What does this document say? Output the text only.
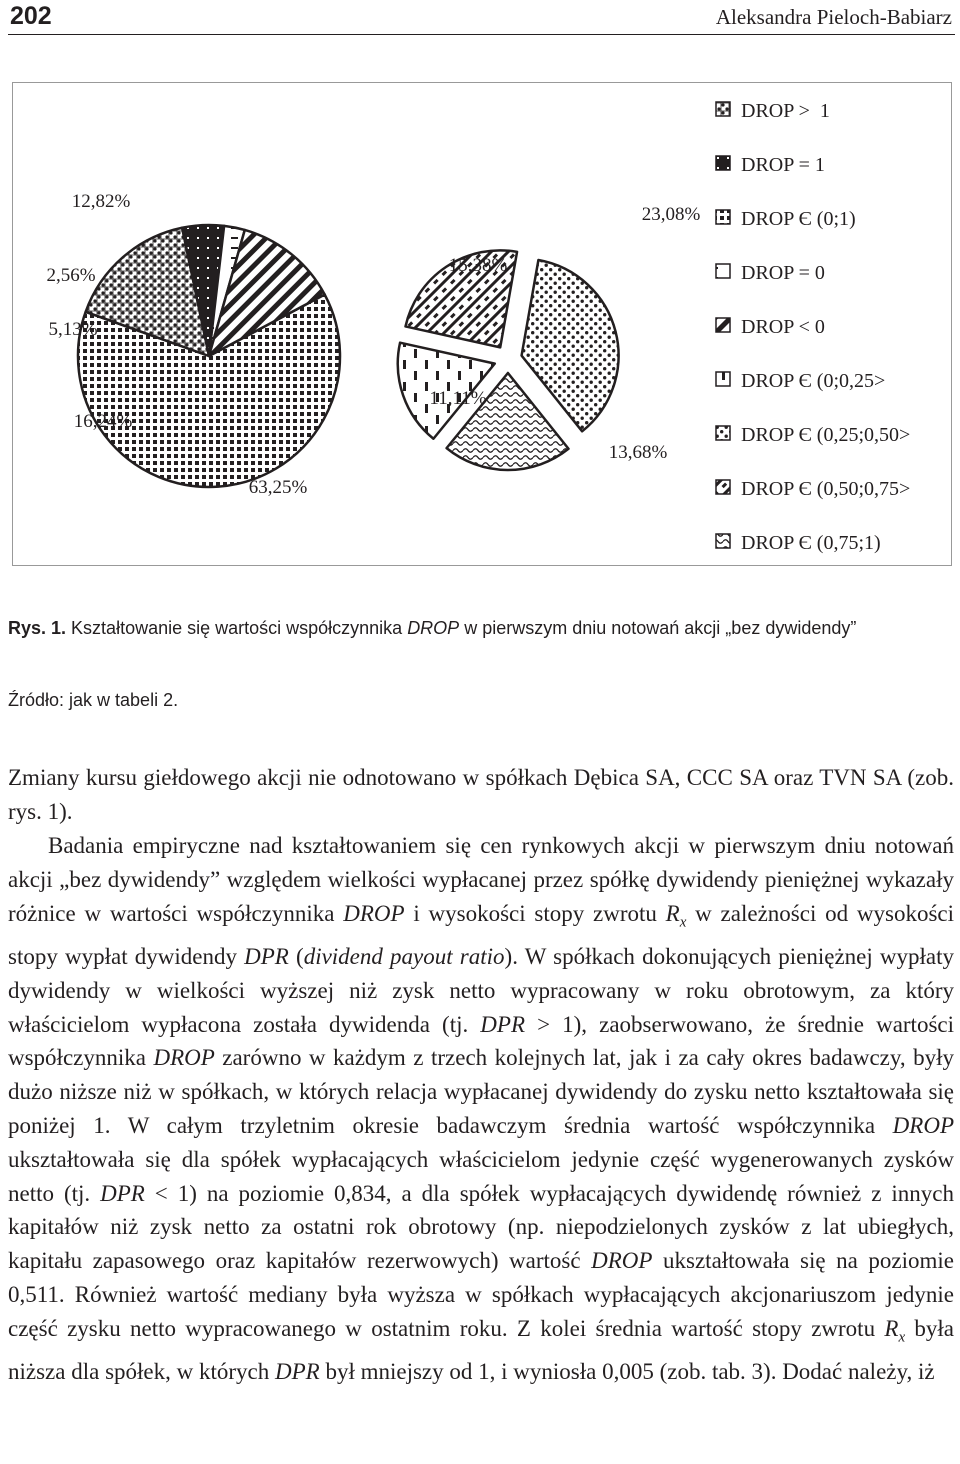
202	Aleksandra Pieloch-Babiarz
63,25%
16,24%
5,13%
2,56%
12,82%
23,08%
13,68%
11,11%
15,38%
DROP >  1
DROP = 1
DROP Є (0;1)
DROP = 0
DROP < 0
DROP Є (0;0,25>
DROP Є (0,25;0,50>
DROP Є (0,50;0,75>
DROP Є (0,75;1)
Rys. 1. Kształtowanie się wartości współczynnika DROP w pierwszym dniu notowań akcji „bez dywidendy”
Źródło: jak w tabeli 2.
Zmiany kursu giełdowego akcji nie odnotowano w spółkach Dębica SA, CCC SA oraz TVN SA (zob. rys. 1).
Badania empiryczne nad kształtowaniem się cen rynkowych akcji w pierwszym dniu notowań akcji „bez dywidendy” względem wielkości wypłacanej przez spółkę dywidendy pieniężnej wykazały różnice w wartości współczynnika DROP i wysokości stopy zwrotu $R_x$ w zależności od wysokości stopy wypłat dywidendy DPR (dividend payout ratio). W spółkach dokonujących pieniężnej wypłaty dywidendy w wielkości wyższej niż zysk netto wypracowany w roku obrotowym, za który właścicielom wypłacona została dywidenda (tj. DPR > 1), zaobserwowano, że średnie wartości współczynnika DROP zarówno w każdym z trzech kolejnych lat, jak i za cały okres badawczy, były dużo niższe niż w spółkach, w których relacja wypłacanej dywidendy do zysku netto kształtowała się poniżej 1. W całym trzyletnim okresie badawczym średnia wartość współczynnika DROP ukształtowała się dla spółek wypłacających właścicielom jedynie część wygenerowanych zysków netto (tj. DPR < 1) na poziomie 0,834, a dla spółek wypłacających dywidendę również z innych kapitałów niż zysk netto za ostatni rok obrotowy (np. niepodzielonych zysków z lat ubiegłych, kapitału zapasowego oraz kapitałów rezerwowych) wartość DROP ukształtowała się na poziomie 0,511. Również wartość mediany była wyższa w spółkach wypłacających akcjonariuszom jedynie część zysku netto wypracowanego w ostatnim roku. Z kolei średnia wartość stopy zwrotu $R_x$ była niższa dla spółek, w których DPR był mniejszy od 1, i wyniosła 0,005 (zob. tab. 3). Dodać należy, iż
